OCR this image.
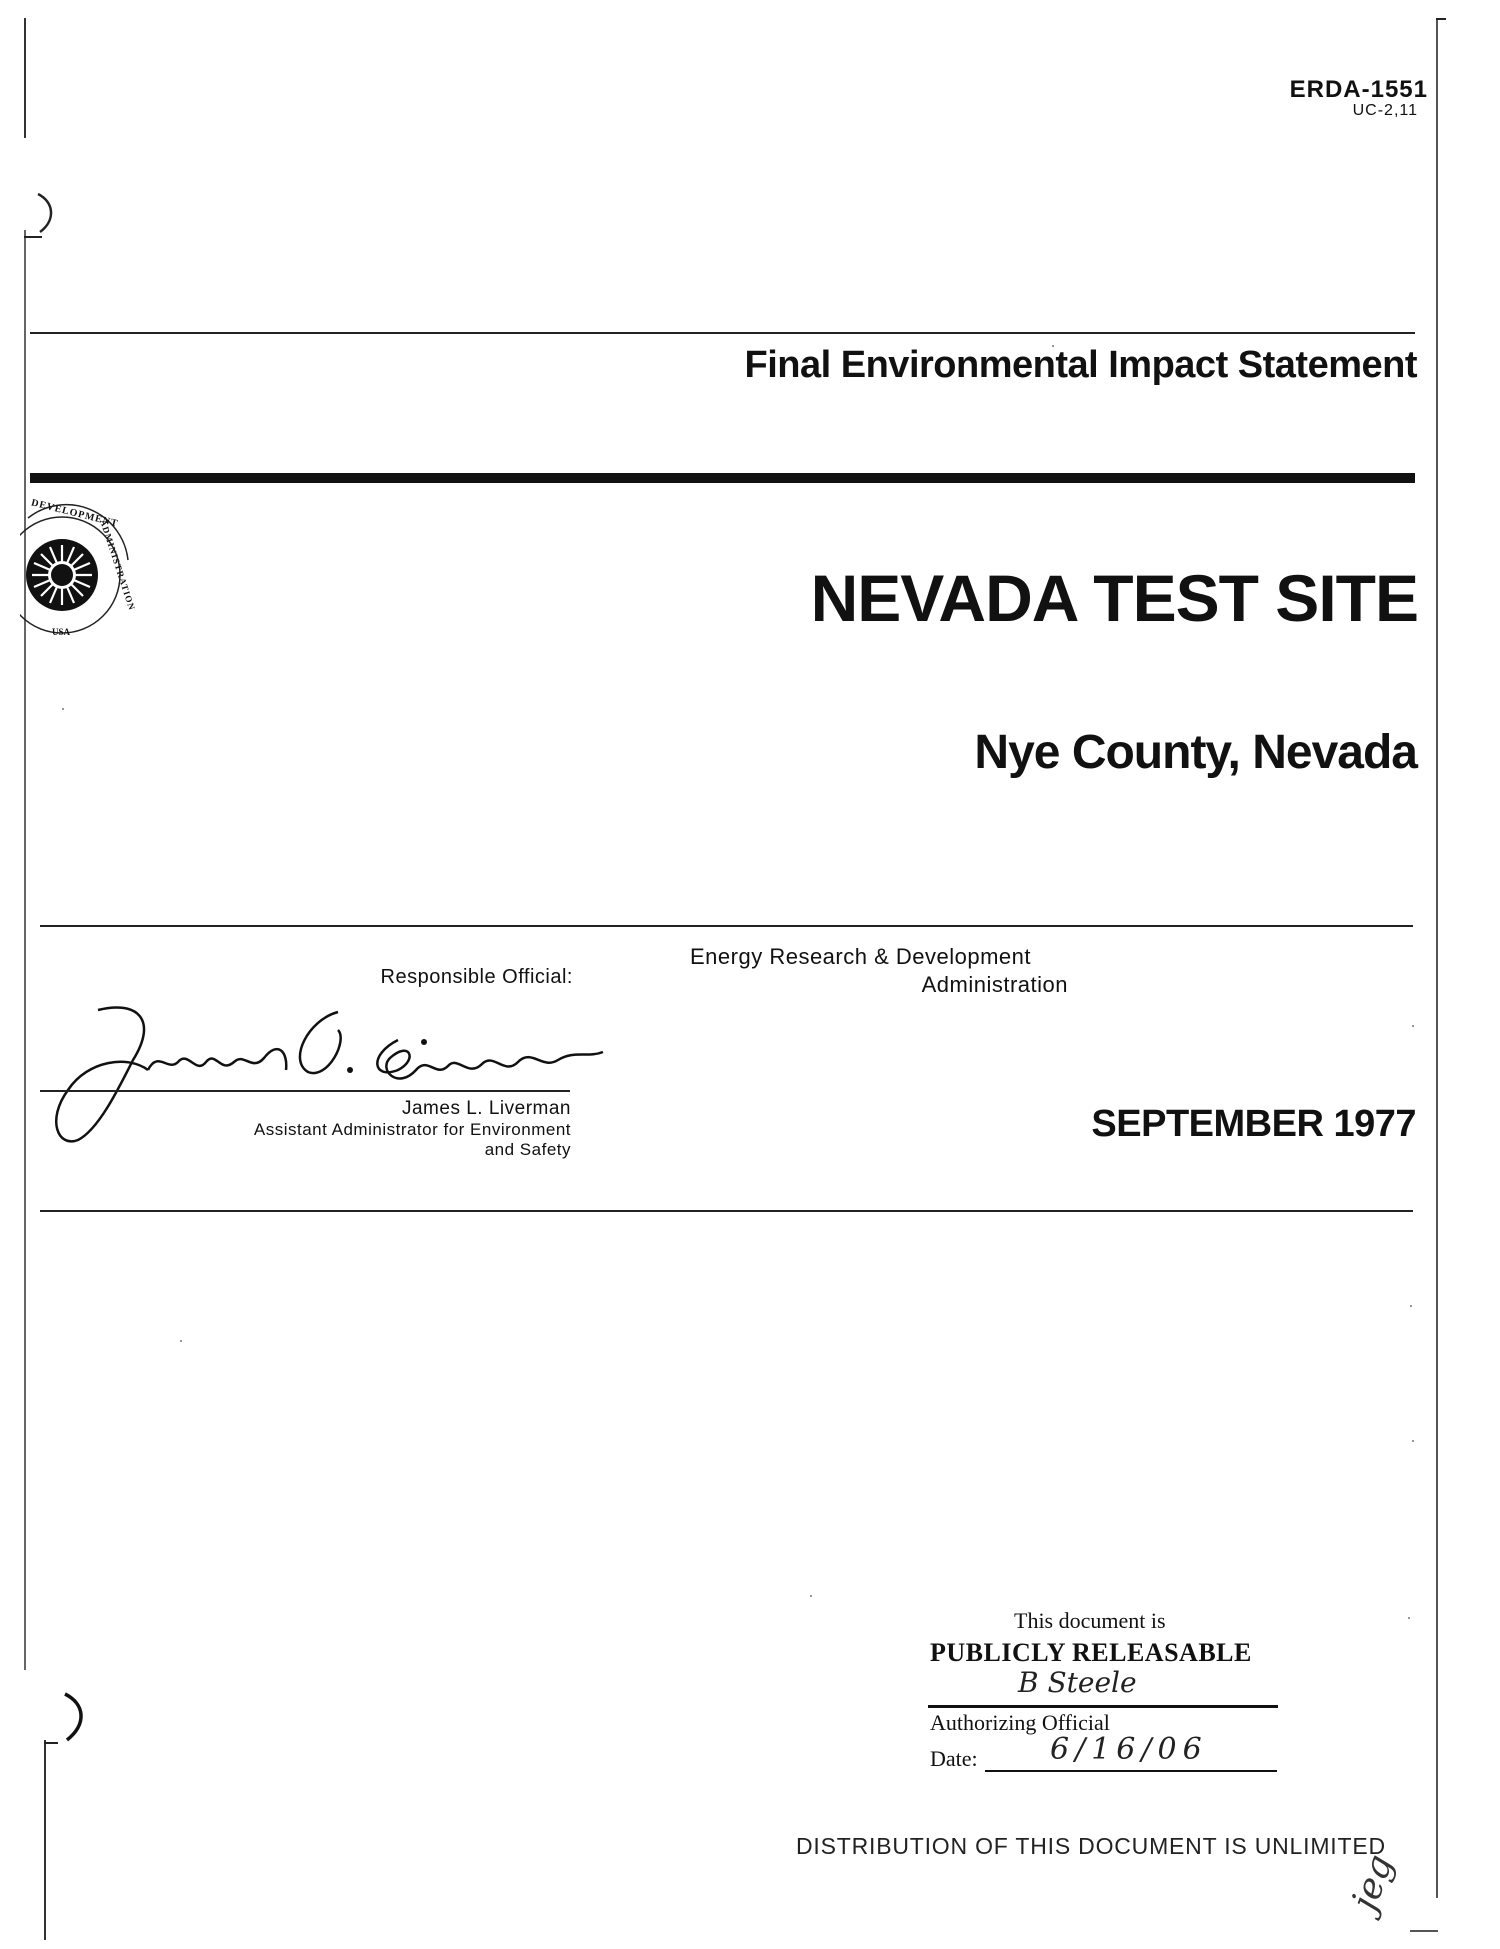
ERDA-1551
UC-2,11
Final Environmental Impact Statement
DEVELOPMENT
ADMINISTRATION
USA	NEVADA TEST SITE
Nye County, Nevada
Responsible Official:
James L. Liverman
Assistant Administrator for Environment
and Safety
Energy Research & Development
Administration
SEPTEMBER 1977
This document is
PUBLICLY RELEASABLE
B Steele
Authorizing Official
Date: 6/16/06
DISTRIBUTION OF THIS DOCUMENT IS UNLIMITED
jeg
